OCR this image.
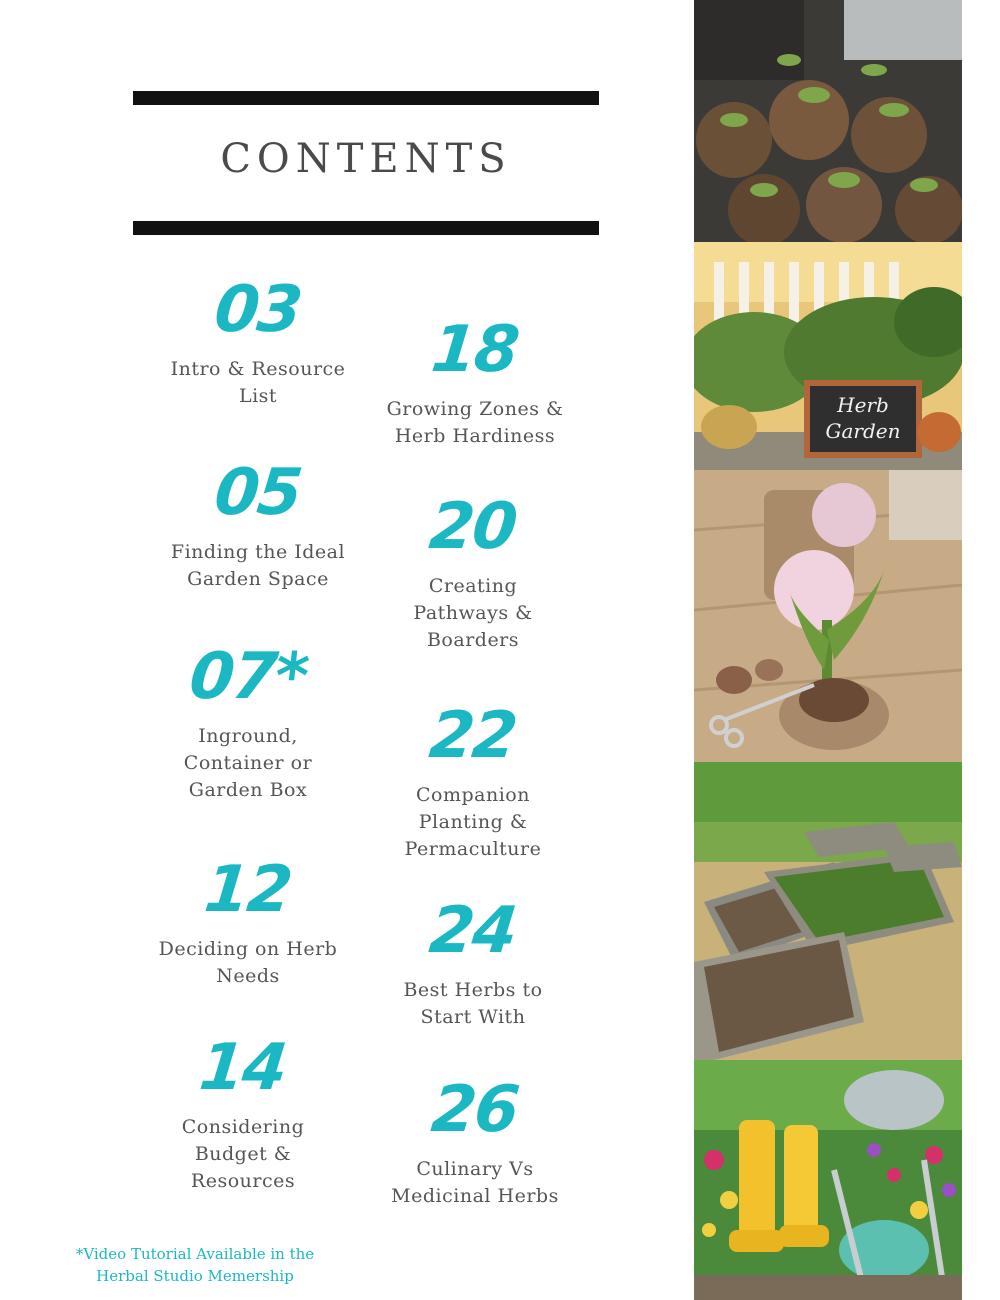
CONTENTS
03
Intro & Resource List
05
Finding the Ideal Garden Space
07*
Inground, Container or Garden Box
12
Deciding on Herb Needs
14
Considering Budget & Resources
18
Growing Zones & Herb Hardiness
20
Creating Pathways & Boarders
22
Companion Planting & Permaculture
24
Best Herbs to Start With
26
Culinary Vs Medicinal Herbs
*Video Tutorial Available in the
Herbal Studio Memership
Herb
Garden
